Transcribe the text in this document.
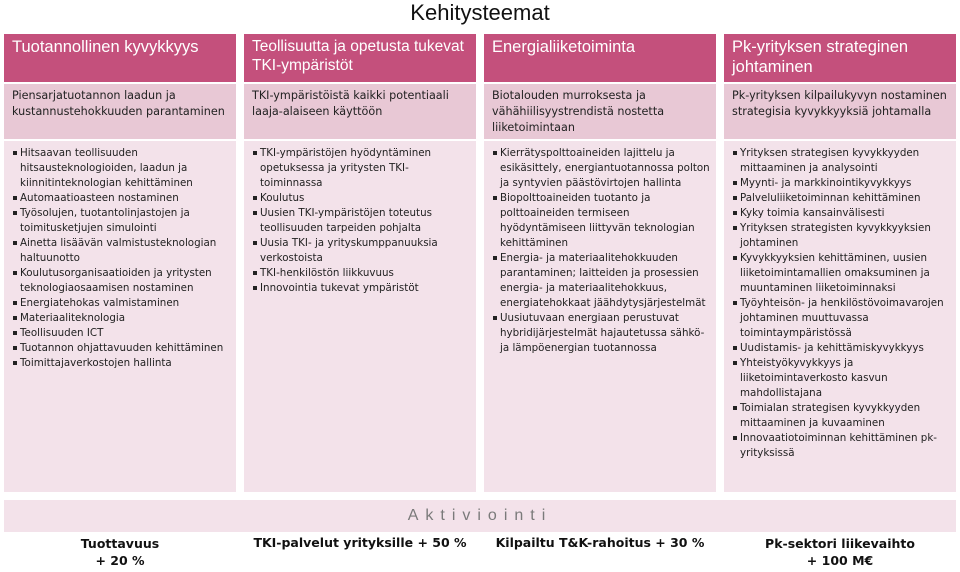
Kehitysteemat
Tuotannollinen kyvykkyys
Piensarjatuotannon laadun ja kustannustehokkuuden parantaminen
Hitsaavan teollisuuden hitsausteknologioiden, laadun ja kiinnitinteknologian kehittäminen
Automaatioasteen nostaminen
Työsolujen, tuotantolinjastojen ja toimitusketjujen simulointi
Ainetta lisäävän valmistusteknologian haltuunotto
Koulutusorganisaatioiden ja yritysten teknologiaosaamisen nostaminen
Energiatehokas valmistaminen
Materiaaliteknologia
Teollisuuden ICT
Tuotannon ohjattavuuden kehittäminen
Toimittajaverkostojen hallinta
Teollisuutta ja opetusta tukevat TKI-ympäristöt
TKI-ympäristöistä kaikki potentiaali laaja-alaiseen käyttöön
TKI-ympäristöjen hyödyntäminen opetuksessa ja yritysten TKI-toiminnassa
Koulutus
Uusien TKI-ympäristöjen toteutus teollisuuden tarpeiden pohjalta
Uusia TKI- ja yrityskumppanuuksia verkostoista
TKI-henkilöstön liikkuvuus
Innovointia tukevat ympäristöt
Energialiiketoiminta
Biotalouden murroksesta ja vähähiilisyystrendistä nostetta liiketoimintaan
Kierrätyspolttoaineiden lajittelu ja esikäsittely, energiantuotannossa polton ja syntyvien päästövirtojen hallinta
Biopolttoaineiden tuotanto ja polttoaineiden termiseen hyödyntämiseen liittyvän teknologian kehittäminen
Energia- ja materiaalitehokkuuden parantaminen; laitteiden ja prosessien energia- ja materiaalitehokkuus, energiatehokkaat jäähdytysjärjestelmät
Uusiutuvaan energiaan perustuvat hybridijärjestelmät hajautetussa sähkö- ja lämpöenergian tuotannossa
Pk-yrityksen strateginen johtaminen
Pk-yrityksen kilpailukyvyn nostaminen strategisia kyvykkyyksiä johtamalla
Yrityksen strategisen kyvykkyyden mittaaminen ja analysointi
Myynti- ja markkinointikyvykkyys
Palveluliiketoiminnan kehittäminen
Kyky toimia kansainvälisesti
Yrityksen strategisten kyvykkyyksien johtaminen
Kyvykkyyksien kehittäminen, uusien liiketoimintamallien omaksuminen ja muuntaminen liiketoiminnaksi
Työyhteisön- ja henkilöstövoimavarojen johtaminen muuttuvassa toimintaympäristössä
Uudistamis- ja kehittämiskyvykkyys
Yhteistyökyvykkyys ja liiketoimintaverkosto kasvun mahdollistajana
Toimialan strategisen kyvykkyyden mittaaminen ja kuvaaminen
Innovaatiotoiminnan kehittäminen pk-yrityksissä
Aktiviointi
Tuottavuus
+ 20 %
TKI-palvelut yrityksille + 50 %	Kilpailtu T&K-rahoitus + 30 %	Pk-sektori liikevaihto
+ 100 M€
